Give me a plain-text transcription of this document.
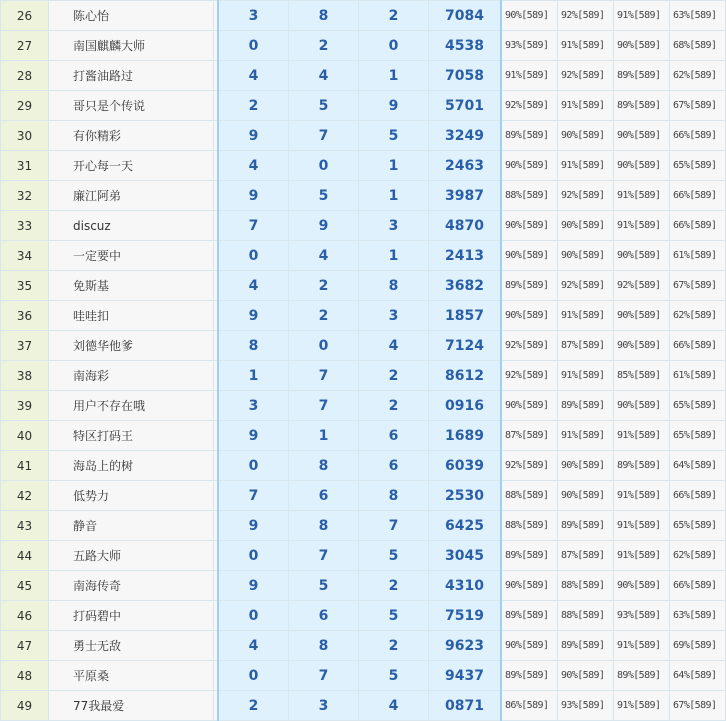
26	陈心怡		3	8	2	7084	90%[589]	92%[589]	91%[589]	63%[589]
27	南国麒麟大师		0	2	0	4538	93%[589]	91%[589]	90%[589]	68%[589]
28	打酱油路过		4	4	1	7058	91%[589]	92%[589]	89%[589]	62%[589]
29	哥只是个传说		2	5	9	5701	92%[589]	91%[589]	89%[589]	67%[589]
30	有你精彩		9	7	5	3249	89%[589]	90%[589]	90%[589]	66%[589]
31	开心每一天		4	0	1	2463	90%[589]	91%[589]	90%[589]	65%[589]
32	廉江阿弟		9	5	1	3987	88%[589]	92%[589]	91%[589]	66%[589]
33	discuz		7	9	3	4870	90%[589]	90%[589]	91%[589]	66%[589]
34	一定要中		0	4	1	2413	90%[589]	90%[589]	90%[589]	61%[589]
35	免斯基		4	2	8	3682	89%[589]	92%[589]	92%[589]	67%[589]
36	哇哇扣		9	2	3	1857	90%[589]	91%[589]	90%[589]	62%[589]
37	刘德华他爹		8	0	4	7124	92%[589]	87%[589]	90%[589]	66%[589]
38	南海彩		1	7	2	8612	92%[589]	91%[589]	85%[589]	61%[589]
39	用户不存在哦		3	7	2	0916	90%[589]	89%[589]	90%[589]	65%[589]
40	特区打码王		9	1	6	1689	87%[589]	91%[589]	91%[589]	65%[589]
41	海岛上的树		0	8	6	6039	92%[589]	90%[589]	89%[589]	64%[589]
42	低势力		7	6	8	2530	88%[589]	90%[589]	91%[589]	66%[589]
43	静音		9	8	7	6425	88%[589]	89%[589]	91%[589]	65%[589]
44	五路大师		0	7	5	3045	89%[589]	87%[589]	91%[589]	62%[589]
45	南海传奇		9	5	2	4310	90%[589]	88%[589]	90%[589]	66%[589]
46	打码碧中		0	6	5	7519	89%[589]	88%[589]	93%[589]	63%[589]
47	勇士无敌		4	8	2	9623	90%[589]	89%[589]	91%[589]	69%[589]
48	平原桑		0	7	5	9437	89%[589]	90%[589]	89%[589]	64%[589]
49	77我最爱		2	3	4	0871	86%[589]	93%[589]	91%[589]	67%[589]
